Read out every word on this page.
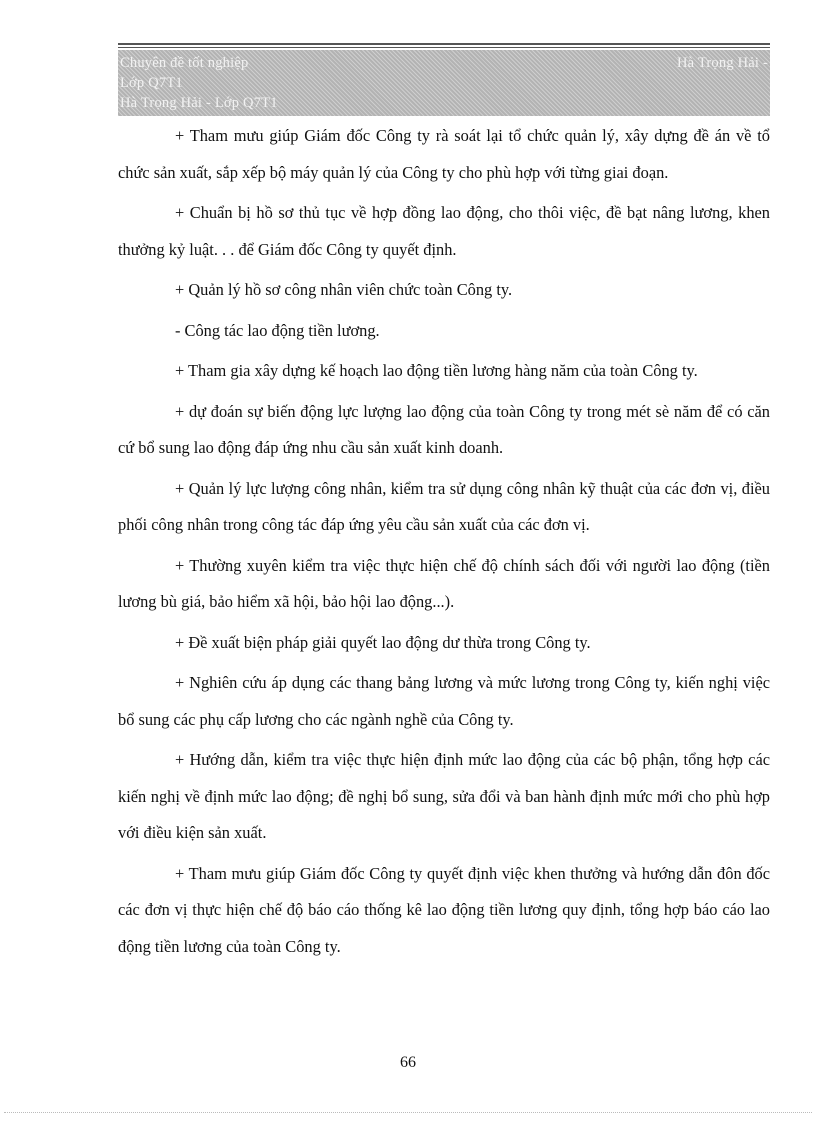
Chuyên đề tốt nghiệp	Hà Trọng Hải -
Lớp Q7T1
Hà Trọng Hải - Lớp Q7T1

+ Tham mưu giúp Giám đốc Công ty rà soát lại tổ chức quản lý, xây dựng đề án về tổ chức sản xuất, sắp xếp bộ máy quản lý của Công ty cho phù hợp với từng giai đoạn.

+ Chuẩn bị hồ sơ thủ tục về hợp đồng lao động, cho thôi việc, đề bạt nâng lương, khen thưởng kỷ luật. . . để Giám đốc Công ty quyết định.

+ Quản lý hồ sơ công nhân viên chức toàn Công ty.

- Công tác lao động tiền lương.

+ Tham gia xây dựng kế hoạch lao động tiền lương hàng năm của toàn Công ty.

+ dự đoán sự biến động lực lượng lao động của toàn Công ty trong mét sè năm để có căn cứ bổ sung lao động đáp ứng nhu cầu sản xuất kinh doanh.

+ Quản lý lực lượng công nhân, kiểm tra sử dụng công nhân kỹ thuật của các đơn vị, điều phối công nhân trong công tác đáp ứng yêu cầu sản xuất của các đơn vị.

+ Thường xuyên kiểm tra việc thực hiện chế độ chính sách đối với người lao động (tiền lương bù giá, bảo hiểm xã hội, bảo hội lao động...).

+ Đề xuất biện pháp giải quyết lao động dư thừa trong Công ty.

+ Nghiên cứu áp dụng các thang bảng lương và mức lương trong Công ty, kiến nghị việc bổ sung các phụ cấp lương cho các ngành nghề của Công ty.

+ Hướng dẫn, kiểm tra việc thực hiện định mức lao động của các bộ phận, tổng hợp các kiến nghị về định mức lao động; đề nghị bổ sung, sửa đổi và ban hành định mức mới cho phù hợp với điều kiện sản xuất.

+ Tham mưu giúp Giám đốc Công ty quyết định việc khen thưởng và hướng dẫn đôn đốc các đơn vị thực hiện chế độ báo cáo thống kê lao động tiền lương quy định, tổng hợp báo cáo lao động tiền lương của toàn Công ty.

66
